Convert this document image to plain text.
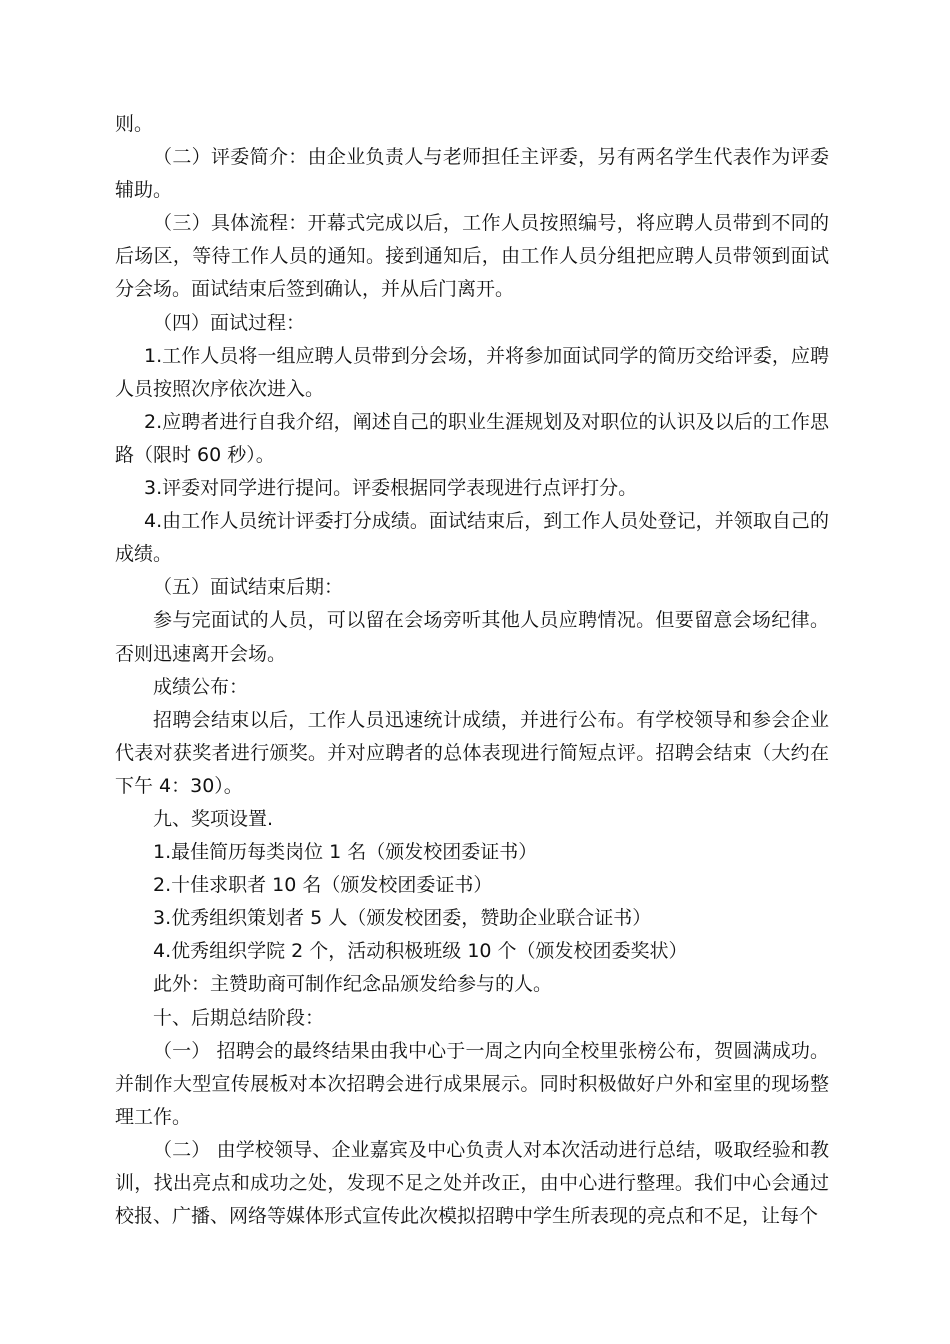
则。

（二）评委简介：由企业负责人与老师担任主评委，另有两名学生代表作为评委辅助。

（三）具体流程：开幕式完成以后，工作人员按照编号，将应聘人员带到不同的后场区，等待工作人员的通知。接到通知后，由工作人员分组把应聘人员带领到面试分会场。面试结束后签到确认，并从后门离开。

（四）面试过程：

1.工作人员将一组应聘人员带到分会场，并将参加面试同学的简历交给评委，应聘人员按照次序依次进入。

2.应聘者进行自我介绍，阐述自己的职业生涯规划及对职位的认识及以后的工作思路（限时 60 秒）。

3.评委对同学进行提问。评委根据同学表现进行点评打分。

4.由工作人员统计评委打分成绩。面试结束后，到工作人员处登记，并领取自己的成绩。

（五）面试结束后期：

参与完面试的人员，可以留在会场旁听其他人员应聘情况。但要留意会场纪律。否则迅速离开会场。

成绩公布：

招聘会结束以后，工作人员迅速统计成绩，并进行公布。有学校领导和参会企业代表对获奖者进行颁奖。并对应聘者的总体表现进行简短点评。招聘会结束（大约在下午 4：30）。

九、奖项设置.

1.最佳简历每类岗位 1 名（颁发校团委证书）

2.十佳求职者 10 名（颁发校团委证书）

3.优秀组织策划者 5 人（颁发校团委，赞助企业联合证书）

4.优秀组织学院 2 个，活动积极班级 10 个（颁发校团委奖状）

此外：主赞助商可制作纪念品颁发给参与的人。

十、后期总结阶段：

（一） 招聘会的最终结果由我中心于一周之内向全校里张榜公布，贺圆满成功。并制作大型宣传展板对本次招聘会进行成果展示。同时积极做好户外和室里的现场整理工作。

（二） 由学校领导、企业嘉宾及中心负责人对本次活动进行总结，吸取经验和教训，找出亮点和成功之处，发现不足之处并改正，由中心进行整理。我们中心会通过校报、广播、网络等媒体形式宣传此次模拟招聘中学生所表现的亮点和不足，让每个
